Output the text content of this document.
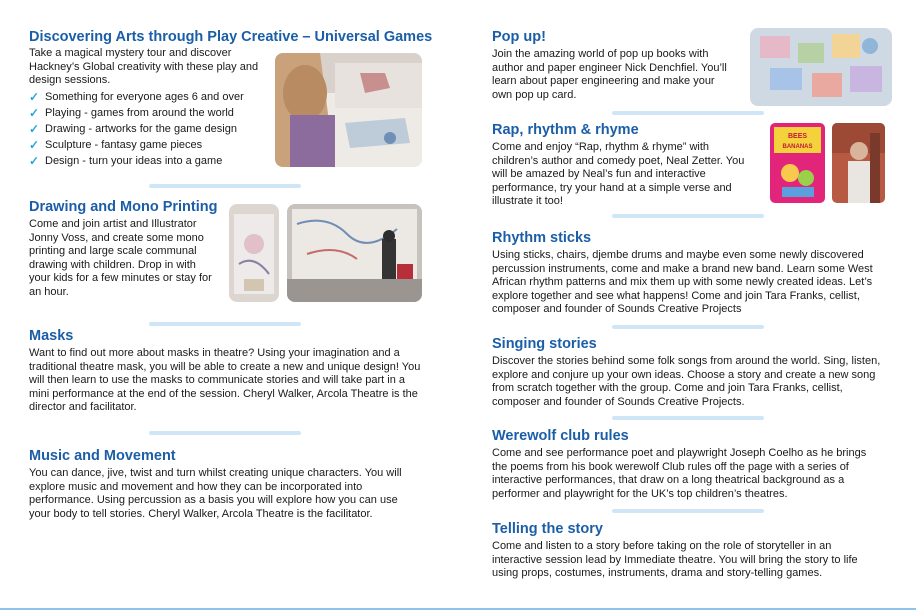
Discovering Arts through Play Creative – Universal Games

Take a magical mystery tour and discover Hackney’s Global creativity with these play and design sessions.

✓ Something for everyone ages 6 and over
✓ Playing - games from around the world
✓ Drawing - artworks for the game design
✓ Sculpture - fantasy game pieces
✓ Design - turn your ideas into a game
Drawing and Mono Printing

Come and join artist and Illustrator Jonny Voss, and create some mono printing and large scale communal drawing with children. Drop in with your kids for a few minutes or stay for an hour.

Masks

Want to find out more about masks in theatre? Using your imagination and a traditional theatre mask, you will be able to create a new and unique design! You will then learn to use the masks to communicate stories and will take part in a mini performance at the end of the session. Cheryl Walker, Arcola Theatre is the director and facilitator.

Music and Movement

You can dance, jive, twist and turn whilst creating unique characters. You will explore music and movement and how they can be incorporated into performance. Using percussion as a basis you will explore how you can use your body to tell stories. Cheryl Walker, Arcola Theatre is the facilitator.

Pop up!

Join the amazing world of pop up books with author and paper engineer Nick Denchfiel. You’ll learn about paper engineering and make your own pop up card.

Rap, rhythm & rhyme

Come and enjoy “Rap, rhythm & rhyme” with children’s author and comedy poet, Neal Zetter. You will be amazed by Neal’s fun and interactive performance, try your hand at a simple verse and illustrate it too!

BEES
BANANAS
Rhythm sticks

Using sticks, chairs, djembe drums and maybe even some newly discovered percussion instruments, come and make a brand new band. Learn some West African rhythm patterns and mix them up with some newly created ideas. Let’s explore together and see what happens! Come and join Tara Franks, cellist, composer and founder of Sounds Creative Projects

Singing stories

Discover the stories behind some folk songs from around the world. Sing, listen, explore and conjure up your own ideas. Choose a story and create a new song from scratch together with the group. Come and join Tara Franks, cellist, composer and founder of Sounds Creative Projects.

Werewolf club rules

Come and see performance poet and playwright Joseph Coelho as he brings the poems from his book werewolf Club rules off the page with a series of interactive performances, that draw on a long theatrical background as a performer and playwright for the UK’s top children’s theatres.

Telling the story

Come and listen to a story before taking on the role of storyteller in an interactive session lead by Immediate theatre. You will bring the story to life using props, costumes, instruments, drama and story-telling games.
